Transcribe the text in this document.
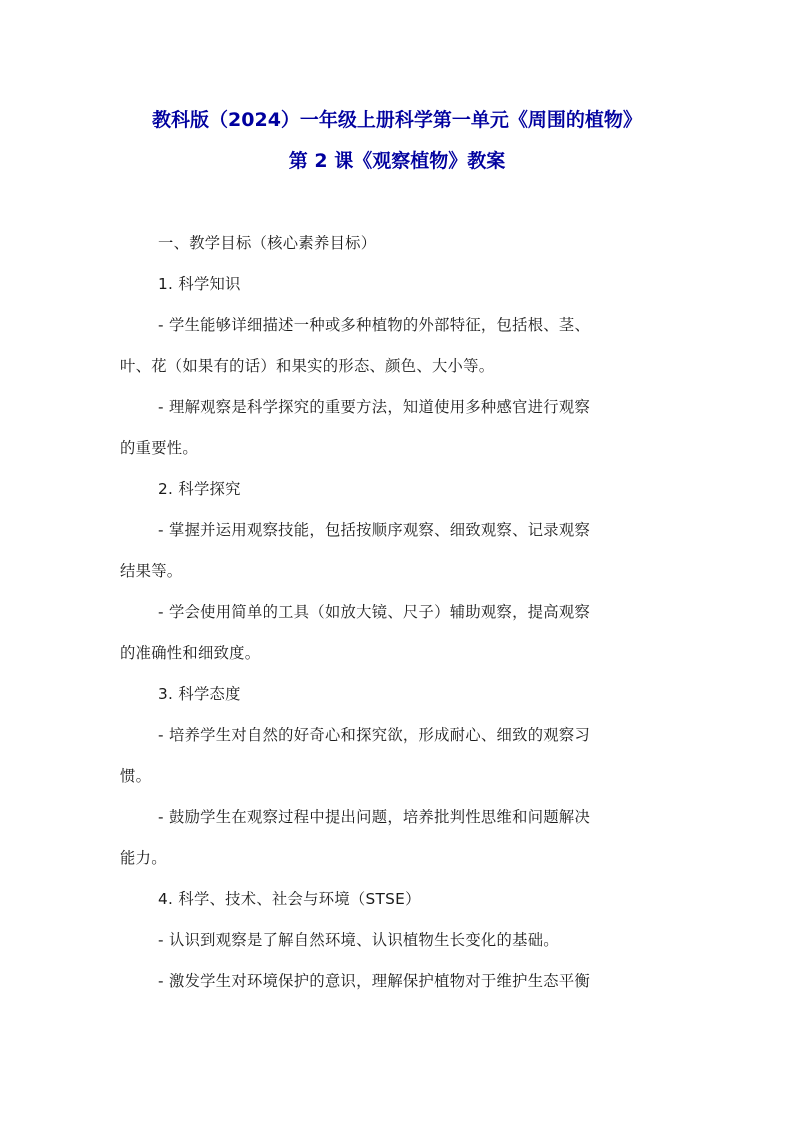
教科版（2024）一年级上册科学第一单元《周围的植物》
第 2 课《观察植物》教案
一、教学目标（核心素养目标）
1. 科学知识
- 学生能够详细描述一种或多种植物的外部特征，包括根、茎、
叶、花（如果有的话）和果实的形态、颜色、大小等。
- 理解观察是科学探究的重要方法，知道使用多种感官进行观察
的重要性。
2. 科学探究
- 掌握并运用观察技能，包括按顺序观察、细致观察、记录观察
结果等。
- 学会使用简单的工具（如放大镜、尺子）辅助观察，提高观察
的准确性和细致度。
3. 科学态度
- 培养学生对自然的好奇心和探究欲，形成耐心、细致的观察习
惯。
- 鼓励学生在观察过程中提出问题，培养批判性思维和问题解决
能力。
4. 科学、技术、社会与环境（STSE）
- 认识到观察是了解自然环境、认识植物生长变化的基础。
- 激发学生对环境保护的意识，理解保护植物对于维护生态平衡
